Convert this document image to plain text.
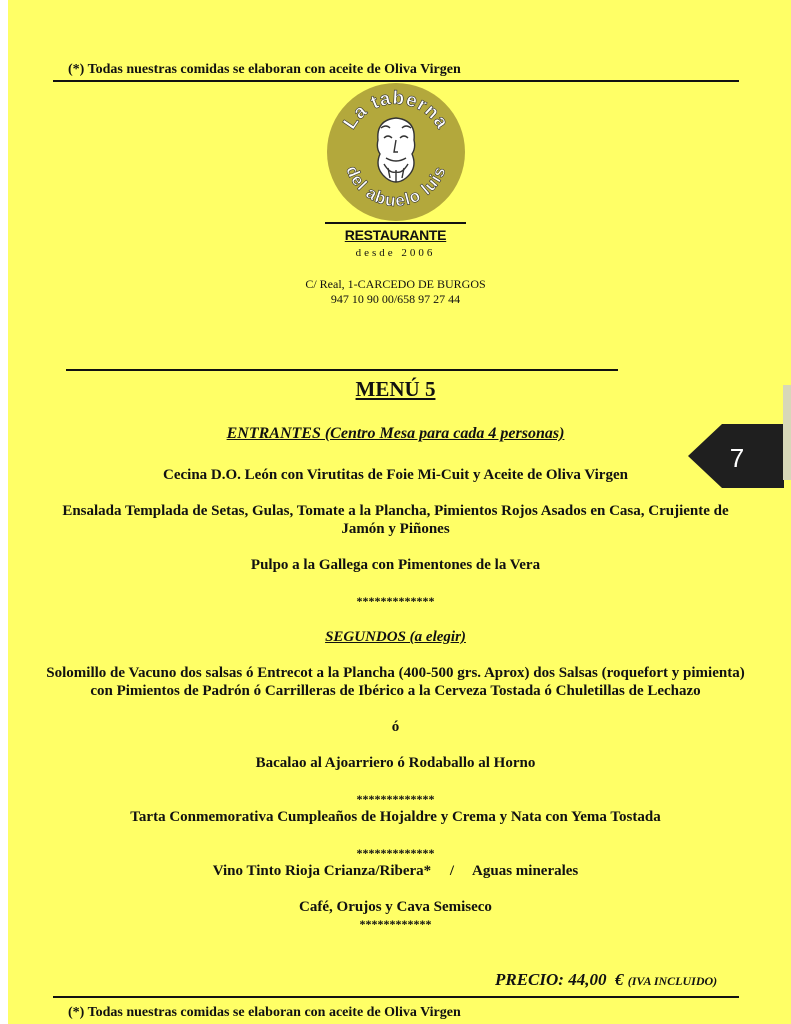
(*) Todas nuestras comidas se elaboran con aceite de Oliva Virgen
La taberna
del abuelo luis
RESTAURANTE
desde 2006
C/ Real, 1-CARCEDO DE BURGOS
947 10 90 00/658 97 27 44
MENÚ 5
ENTRANTES (Centro Mesa para cada 4 personas)
Cecina D.O. León con Virutitas de Foie Mi-Cuit y Aceite de Oliva Virgen
Ensalada Templada de Setas, Gulas, Tomate a la Plancha, Pimientos Rojos Asados en Casa, Crujiente de Jamón y Piñones
Pulpo a la Gallega con Pimentones de la Vera
*************
SEGUNDOS (a elegir)
Solomillo de Vacuno dos salsas ó Entrecot a la Plancha (400-500 grs. Aprox) dos Salsas (roquefort y pimienta) con Pimientos de Padrón ó Carrilleras de Ibérico a la Cerveza Tostada ó Chuletillas de Lechazo
ó
Bacalao al Ajoarriero ó Rodaballo al Horno
*************
Tarta Conmemorativa Cumpleaños de Hojaldre y Crema y Nata con Yema Tostada
*************
Vino Tinto Rioja Crianza/Ribera*     /     Aguas minerales
Café, Orujos y Cava Semiseco
************
PRECIO: 44,00  € (IVA INCLUIDO)
(*) Todas nuestras comidas se elaboran con aceite de Oliva Virgen
7
